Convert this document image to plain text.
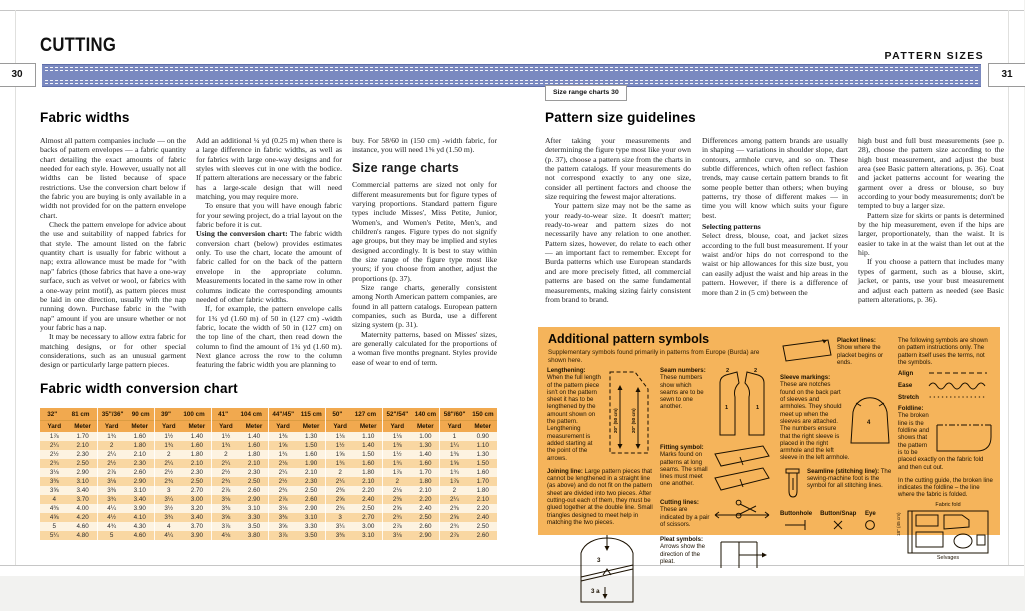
CUTTING	PATTERN SIZES
30	31
Size range charts 30
Fabric widths

Almost all pattern companies include — on the backs of pattern envelopes — a fabric quantity chart detailing the exact amounts of fabric needed for each style. However, usually not all widths can be listed because of space restrictions. Use the conversion chart below if the fabric you are buying is only available in a width not provided for on the pattern envelope chart.

Check the pattern envelope for advice about the use and suitability of napped fabrics for that style. The amount listed on the fabric quantity chart is usually for fabric without a nap; extra allowance must be made for "with nap" fabrics (those fabrics that have a one-way surface, such as velvet or wool, or fabrics with a one-way print motif), as pattern pieces must be laid in one direction, usually with the nap running down. Purchase fabric in the "with nap" amount if you are unsure whether or not your fabric has a nap.

It may be necessary to allow extra fabric for matching designs, or for other special considerations, such as an unusual garment design or particularly large pattern pieces.

Add an additional ¼ yd (0.25 m) when there is a large difference in fabric widths, as well as for fabrics with large one-way designs and for styles with sleeves cut in one with the bodice. If pattern alterations are necessary or the fabric has a large-scale design that will need matching, you may require more.

To ensure that you will have enough fabric for your sewing project, do a trial layout on the fabric before it is cut.

Using the conversion chart: The fabric width conversion chart (below) provides estimates only. To use the chart, locate the amount of fabric called for on the back of the pattern envelope in the appropriate column. Measurements located in the same row in other columns indicate the corresponding amounts needed of other fabric widths.

If, for example, the pattern envelope calls for 1¾ yd (1.60 m) of 50 in (127 cm) -width fabric, locate the width of 50 in (127 cm) on the top line of the chart, then read down the column to find the amount of 1¾ yd (1.60 m). Next glance across the row to the column featuring the fabric width you are planning to

buy. For 58/60 in (150 cm) -width fabric, for instance, you will need 1⅝ yd (1.50 m).

Size range charts

Commercial patterns are sized not only for different measurements but for figure types of varying proportions. Standard pattern figure types include Misses', Miss Petite, Junior, Women's, and Women's Petite, Men's, and children's ranges. Figure types do not signify age groups, but they may be implied and styles designed accordingly. It is best to stay within the size range of the figure type most like yours; if you choose from another, adjust the proportions (p. 37).

Size range charts, generally consistent among North American pattern companies, are found in all pattern catalogs. European pattern companies, such as Burda, use a different sizing system (p. 31).

Maternity patterns, based on Misses' sizes, are generally calculated for the proportions of a woman five months pregnant. Styles provide ease of wear to end of term.

Fabric width conversion chart
32" 81 cm		35"/36" 90 cm		39" 100 cm		41" 104 cm		44"/45" 115 cm		50" 127 cm		52"/54" 140 cm		58"/60" 150 cm	

Yard	Meter	Yard	Meter	Yard	Meter	Yard	Meter	Yard	Meter	Yard	Meter	Yard	Meter	Yard	Meter
1⅞	1.70	1¾	1.60	1½	1.40	1½	1.40	1⅜	1.30	1⅛	1.10	1⅛	1.00	1	0.90
2¼	2.10	2	1.80	1¾	1.60	1¾	1.60	1⅝	1.50	1½	1.40	1⅜	1.30	1¼	1.10
2½	2.30	2¼	2.10	2	1.80	2	1.80	1¾	1.60	1⅝	1.50	1½	1.40	1⅜	1.30
2¾	2.50	2½	2.30	2¼	2.10	2¼	2.10	2⅛	1.90	1¾	1.60	1¾	1.60	1⅝	1.50
3⅛	2.90	2⅞	2.60	2½	2.30	2½	2.30	2¼	2.10	2	1.80	1⅞	1.70	1¾	1.60
3⅜	3.10	3⅛	2.90	2¾	2.50	2¾	2.50	2½	2.30	2¼	2.10	2	1.80	1⅞	1.70
3⅝	3.40	3⅜	3.10	3	2.70	2⅞	2.60	2¾	2.50	2⅜	2.20	2⅛	2.10	2	1.80
4	3.70	3¾	3.40	3¼	3.00	3⅛	2.90	2⅞	2.60	2⅝	2.40	2⅜	2.20	2¼	2.10
4⅜	4.00	4¼	3.90	3½	3.20	3⅜	3.10	3⅛	2.90	2¾	2.50	2⅝	2.40	2⅜	2.20
4⅝	4.20	4½	4.10	3¾	3.40	3⅝	3.30	3⅜	3.10	3	2.70	2¾	2.50	2⅝	2.40
5	4.60	4¾	4.30	4	3.70	3⅞	3.50	3⅝	3.30	3¼	3.00	2⅞	2.60	2¾	2.50
5¼	4.80	5	4.60	4¼	3.90	4⅛	3.80	3⅞	3.50	3⅜	3.10	3⅛	2.90	2⅞	2.60
Pattern size guidelines

After taking your measurements and determining the figure type most like your own (p. 37), choose a pattern size from the charts in the pattern catalogs. If your measurements do not correspond exactly to any one size, consider all pertinent factors and choose the size requiring the fewest major alterations.

Your pattern size may not be the same as your ready-to-wear size. It doesn't matter; ready-to-wear and pattern sizes do not necessarily have any relation to one another. Pattern sizes, however, do relate to each other — an important fact to remember. Except for Burda patterns which use European standards and are more precisely fitted, all commercial patterns are based on the same fundamental measurements, making sizing fairly consistent from brand to brand.

Differences among pattern brands are usually in shaping — variations in shoulder slope, dart contours, armhole curve, and so on. These subtle differences, which often reflect fashion trends, may cause certain pattern brands to fit some people better than others; when buying patterns, try those of different makes — in time you will know which suits your figure best.

Selecting patterns

Select dress, blouse, coat, and jacket sizes according to the full bust measurement. If your waist and/or hips do not correspond to the waist or hip allowances for this size bust, you can easily adjust the waist and hip areas in the pattern. However, if there is a difference of more than 2 in (5 cm) between the

high bust and full bust measurements (see p. 28), choose the pattern size according to the high bust measurement, and adjust the bust area (see Basic pattern alterations, p. 36). Coat and jacket patterns account for wearing the garment over a dress or blouse, so buy according to your body measurements; don't be tempted to buy a larger size.

Pattern size for skirts or pants is determined by the hip measurement, even if the hips are larger, proportionately, than the waist. It is easier to take in at the waist than let out at the hip.

If you choose a pattern that includes many types of garment, such as a blouse, skirt, jacket, or pants, use your bust measurement and adjust each pattern as needed (see Basic pattern alterations, p. 36).

Additional pattern symbols

Supplementary symbols found primarily in patterns from Europe (Burda) are shown here.

20" (50 cm)	20" (50 cm)

Lengthening: When the full length of the pattern piece isn't on the pattern sheet it has to be lengthened by the amount shown on the pattern. Lengthening measurement is added starting at the point of the arrows.

Joining line: Large pattern pieces that cannot be lengthened in a straight line (as above) and do not fit on the pattern sheet are divided into two pieces. After cutting-out each of them, they must be glued together at the double line. Small triangles designed to meet help in matching the two pieces.

3
3 a

Seam numbers: These numbers show which seams are to be sewn to one another.

2	2
1	1

Fitting symbol: Marks found on patterns at long seams. The small lines must meet one another.

Cutting lines: These are indicated by a pair of scissors.

Pleat symbols: Arrows show the direction of the pleat.

Placket lines: Show where the placket begins or ends.

4

Sleeve markings: These are notches found on the back part of sleeves and armholes. They should meet up when the sleeves are attached. The numbers ensure that the right sleeve is placed in the right armhole and the left sleeve in the left armhole.

Seamline (stitching line): The sewing-machine foot is the symbol for all stitching lines.

Buttonhole Button/Snap Eye

The following symbols are shown on pattern instructions only. The pattern itself uses the terms, not the symbols.

Align
Ease
Stretch

Foldline: The broken line is the foldline and shows that the pattern is to be placed exactly on the fabric fold and then cut out.

In the cutting guide, the broken line indicates the foldline – the line where the fabric is folded.

Fabric fold
18" (45 cm)
Selvages
